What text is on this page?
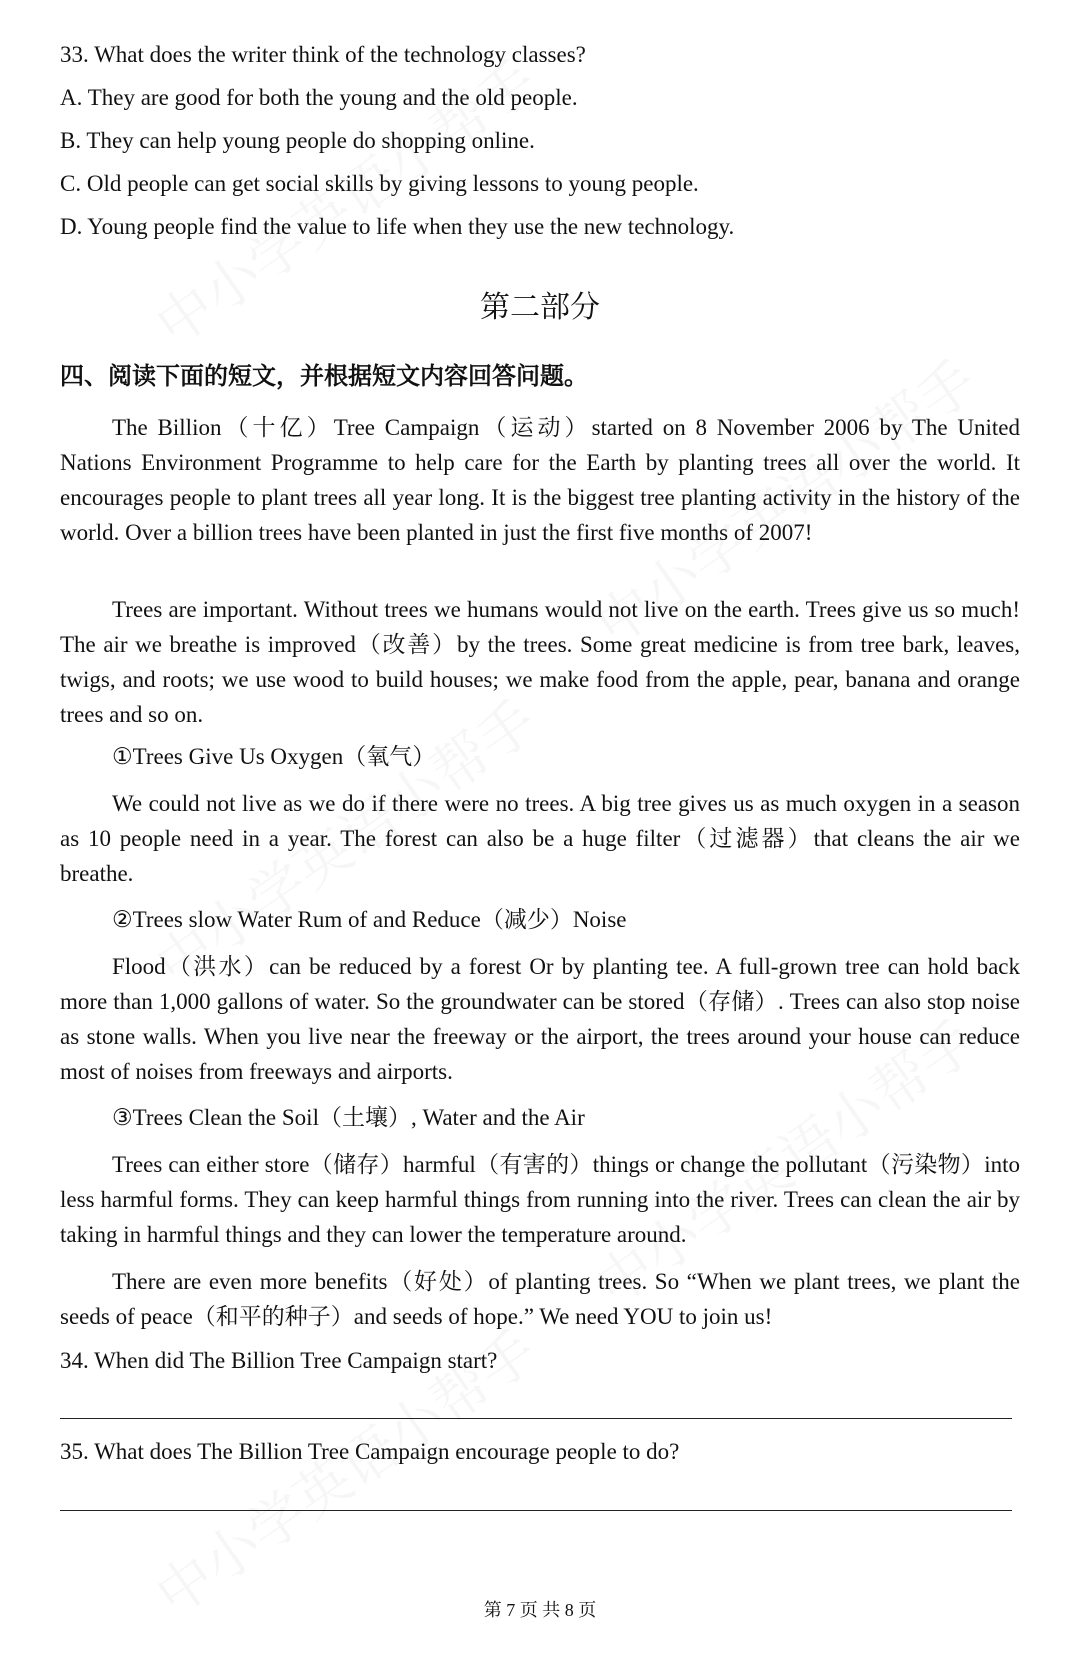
33. What does the writer think of the technology classes?
A. They are good for both the young and the old people.
B. They can help young people do shopping online.
C. Old people can get social skills by giving lessons to young people.
D. Young people find the value to life when they use the new technology.
第二部分
四、阅读下面的短文，并根据短文内容回答问题。
The Billion（十亿）Tree Campaign（运动）started on 8 November 2006 by The United Nations Environment Programme to help care for the Earth by planting trees all over the world. It encourages people to plant trees all year long. It is the biggest tree planting activity in the history of the world. Over a billion trees have been planted in just the first five months of 2007!
Trees are important. Without trees we humans would not live on the earth. Trees give us so much! The air we breathe is improved（改善）by the trees. Some great medicine is from tree bark, leaves, twigs, and roots; we use wood to build houses; we make food from the apple, pear, banana and orange trees and so on.
①Trees Give Us Oxygen（氧气）
We could not live as we do if there were no trees. A big tree gives us as much oxygen in a season as 10 people need in a year. The forest can also be a huge filter（过滤器）that cleans the air we breathe.
②Trees slow Water Rum of and Reduce（减少）Noise
Flood（洪水）can be reduced by a forest Or by planting tee. A full-grown tree can hold back more than 1,000 gallons of water. So the groundwater can be stored（存储）. Trees can also stop noise as stone walls. When you live near the freeway or the airport, the trees around your house can reduce most of noises from freeways and airports.
③Trees Clean the Soil（土壤）, Water and the Air
Trees can either store（储存）harmful（有害的）things or change the pollutant（污染物）into less harmful forms. They can keep harmful things from running into the river. Trees can clean the air by taking in harmful things and they can lower the temperature around.
There are even more benefits（好处）of planting trees. So “When we plant trees, we plant the seeds of peace（和平的种子）and seeds of hope.” We need YOU to join us!
34. When did The Billion Tree Campaign start?
35. What does The Billion Tree Campaign encourage people to do?
第 7 页 共 8 页
